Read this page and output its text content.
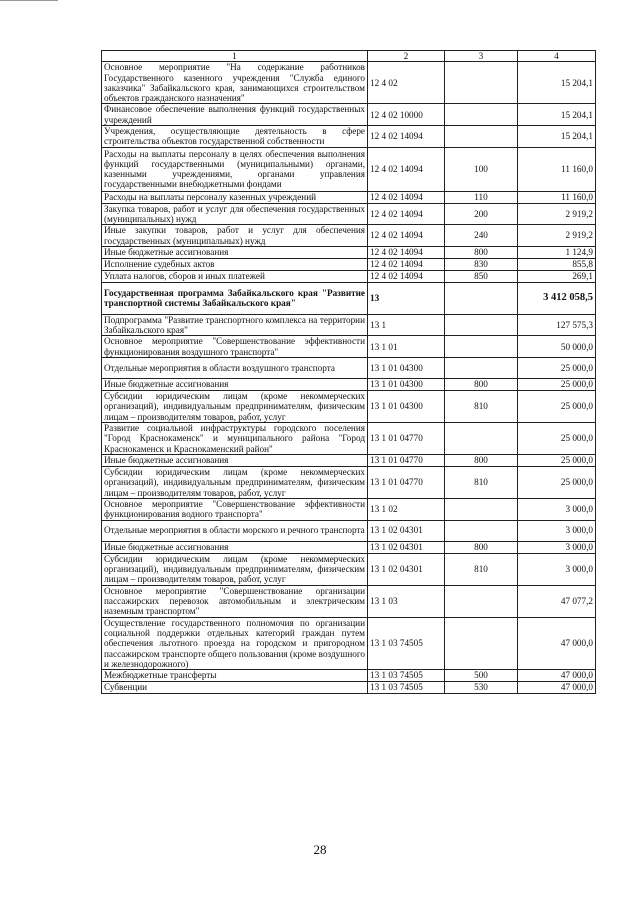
1	2	3	4
Основное мероприятие "На содержание работников Государственного казенного учреждения "Служба единого заказчика" Забайкальского края, занимающихся строительством объектов гражданского назначения"	12 4 02		15 204,1
Финансовое обеспечение выполнения функций государственных учреждений	12 4 02 10000		15 204,1
Учреждения, осуществляющие деятельность в сфере строительства объектов государственной собственности	12 4 02 14094		15 204,1
Расходы на выплаты персоналу в целях обеспечения выполнения функций государственными (муниципальными) органами, казенными учреждениями, органами управления государственными внебюджетными фондами	12 4 02 14094	100	11 160,0
Расходы на выплаты персоналу казенных учреждений	12 4 02 14094	110	11 160,0
Закупка товаров, работ и услуг для обеспечения государственных (муниципальных) нужд	12 4 02 14094	200	2 919,2
Иные закупки товаров, работ и услуг для обеспечения государственных (муниципальных) нужд	12 4 02 14094	240	2 919,2
Иные бюджетные ассигнования	12 4 02 14094	800	1 124,9
Исполнение судебных актов	12 4 02 14094	830	855,8
Уплата налогов, сборов и иных платежей	12 4 02 14094	850	269,1
Государственная программа Забайкальского края "Развитие транспортной системы Забайкальского края"	13		3 412 058,5
Подпрограмма "Развитие транспортного комплекса на территории Забайкальского края"	13 1		127 575,3
Основное мероприятие "Совершенствование эффективности функционирования воздушного транспорта"	13 1 01		50 000,0
Отдельные мероприятия в области воздушного транспорта	13 1 01 04300		25 000,0
Иные бюджетные ассигнования	13 1 01 04300	800	25 000,0
Субсидии юридическим лицам (кроме некоммерческих организаций), индивидуальным предпринимателям, физическим лицам – производителям товаров, работ, услуг	13 1 01 04300	810	25 000,0
Развитие социальной инфраструктуры городского поселения "Город Краснокаменск" и муниципального района "Город Краснокаменск и Краснокаменский район"	13 1 01 04770		25 000,0
Иные бюджетные ассигнования	13 1 01 04770	800	25 000,0
Субсидии юридическим лицам (кроме некоммерческих организаций), индивидуальным предпринимателям, физическим лицам – производителям товаров, работ, услуг	13 1 01 04770	810	25 000,0
Основное мероприятие "Совершенствование эффективности функционирования водного транспорта"	13 1 02		3 000,0
Отдельные мероприятия в области морского и речного транспорта	13 1 02 04301		3 000,0
Иные бюджетные ассигнования	13 1 02 04301	800	3 000,0
Субсидии юридическим лицам (кроме некоммерческих организаций), индивидуальным предпринимателям, физическим лицам – производителям товаров, работ, услуг	13 1 02 04301	810	3 000,0
Основное мероприятие "Совершенствование организации пассажирских перевозок автомобильным и электрическим наземным транспортом"	13 1 03		47 077,2
Осуществление государственного полномочия по организации социальной поддержки отдельных категорий граждан путем обеспечения льготного проезда на городском и пригородном пассажирском транспорте общего пользования (кроме воздушного и железнодорожного)	13 1 03 74505		47 000,0
Межбюджетные трансферты	13 1 03 74505	500	47 000,0
Субвенции	13 1 03 74505	530	47 000,0
28
